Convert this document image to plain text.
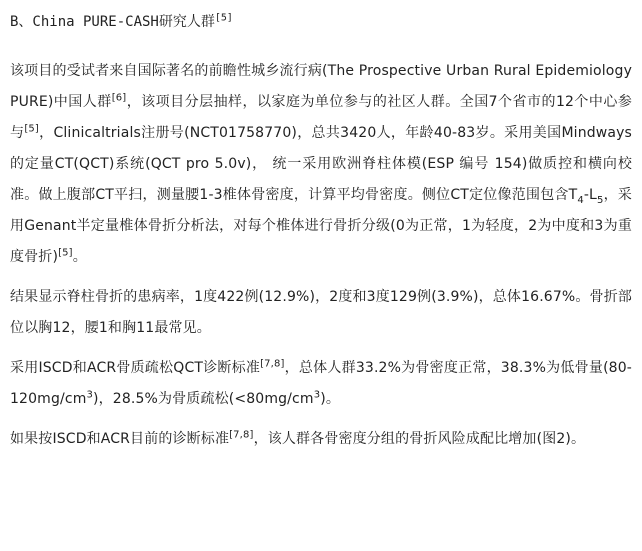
B、China PURE-CASH研究人群[5]

该项目的受试者来自国际著名的前瞻性城乡流行病(The Prospective Urban Rural Epidemiology PURE)中国人群[6]，该项目分层抽样，以家庭为单位参与的社区人群。全国7个省市的12个中心参与[5]，Clinicaltrials注册号(NCT01758770)，总共3420人，年龄40-83岁。采用美国Mindways的定量CT(QCT)系统(QCT pro 5.0v)， 统一采用欧洲脊柱体模(ESP 编号 154)做质控和横向校准。做上腹部CT平扫，测量腰1-3椎体骨密度，计算平均骨密度。侧位CT定位像范围包含$T_4-L_5$，采用Genant半定量椎体骨折分析法，对每个椎体进行骨折分级(0为正常，1为轻度，2为中度和3为重度骨折)[5]。

结果显示脊柱骨折的患病率，1度422例(12.9%)，2度和3度129例(3.9%)，总体16.67%。骨折部位以胸12，腰1和胸11最常见。

采用ISCD和ACR骨质疏松QCT诊断标准[7,8]，总体人群33.2%为骨密度正常，38.3%为低骨量$(80-120mg/cm^3)$，28.5%为骨质疏松$(<80mg/cm^3)$。

如果按ISCD和ACR目前的诊断标准[7,8]，该人群各骨密度分组的骨折风险成配比增加(图2)。
